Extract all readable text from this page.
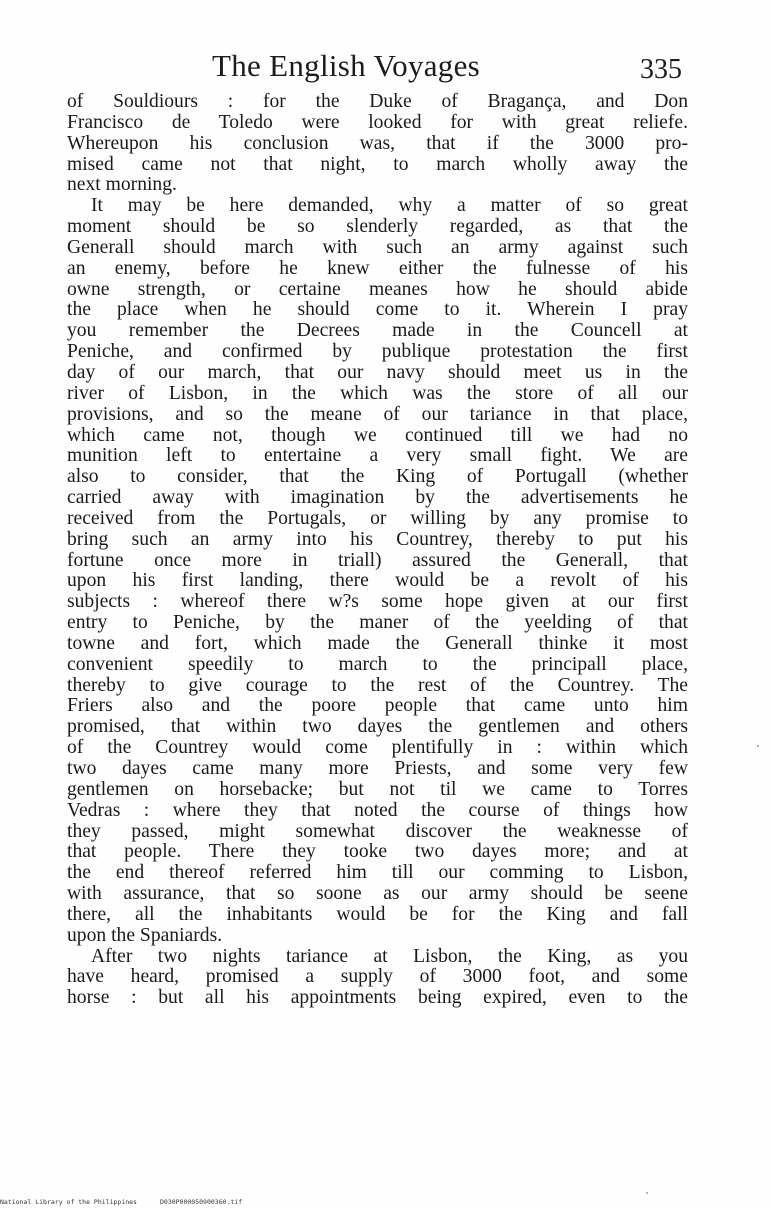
The English Voyages	335
of Souldiours : for the Duke of Bragança, and Don
Francisco de Toledo were looked for with great reliefe.
Whereupon his conclusion was, that if the 3000 pro-
mised came not that night, to march wholly away the
next morning.
It may be here demanded, why a matter of so great
moment should be so slenderly regarded, as that the
Generall should march with such an army against such
an enemy, before he knew either the fulnesse of his
owne strength, or certaine meanes how he should abide
the place when he should come to it. Wherein I pray
you remember the Decrees made in the Councell at
Peniche, and confirmed by publique protestation the first
day of our march, that our navy should meet us in the
river of Lisbon, in the which was the store of all our
provisions, and so the meane of our tariance in that place,
which came not, though we continued till we had no
munition left to entertaine a very small fight. We are
also to consider, that the King of Portugall (whether
carried away with imagination by the advertisements he
received from the Portugals, or willing by any promise to
bring such an army into his Countrey, thereby to put his
fortune once more in triall) assured the Generall, that
upon his first landing, there would be a revolt of his
subjects : whereof there w?s some hope given at our first
entry to Peniche, by the maner of the yeelding of that
towne and fort, which made the Generall thinke it most
convenient speedily to march to the principall place,
thereby to give courage to the rest of the Countrey. The
Friers also and the poore people that came unto him
promised, that within two dayes the gentlemen and others
of the Countrey would come plentifully in : within which
two dayes came many more Priests, and some very few
gentlemen on horsebacke; but not til we came to Torres
Vedras : where they that noted the course of things how
they passed, might somewhat discover the weaknesse of
that people. There they tooke two dayes more; and at
the end thereof referred him till our comming to Lisbon,
with assurance, that so soone as our army should be seene
there, all the inhabitants would be for the King and fall
upon the Spaniards.
After two nights tariance at Lisbon, the King, as you
have heard, promised a supply of 3000 foot, and some
horse : but all his appointments being expired, even to the
National Library of the Philippines	D030P000050900360.tif
